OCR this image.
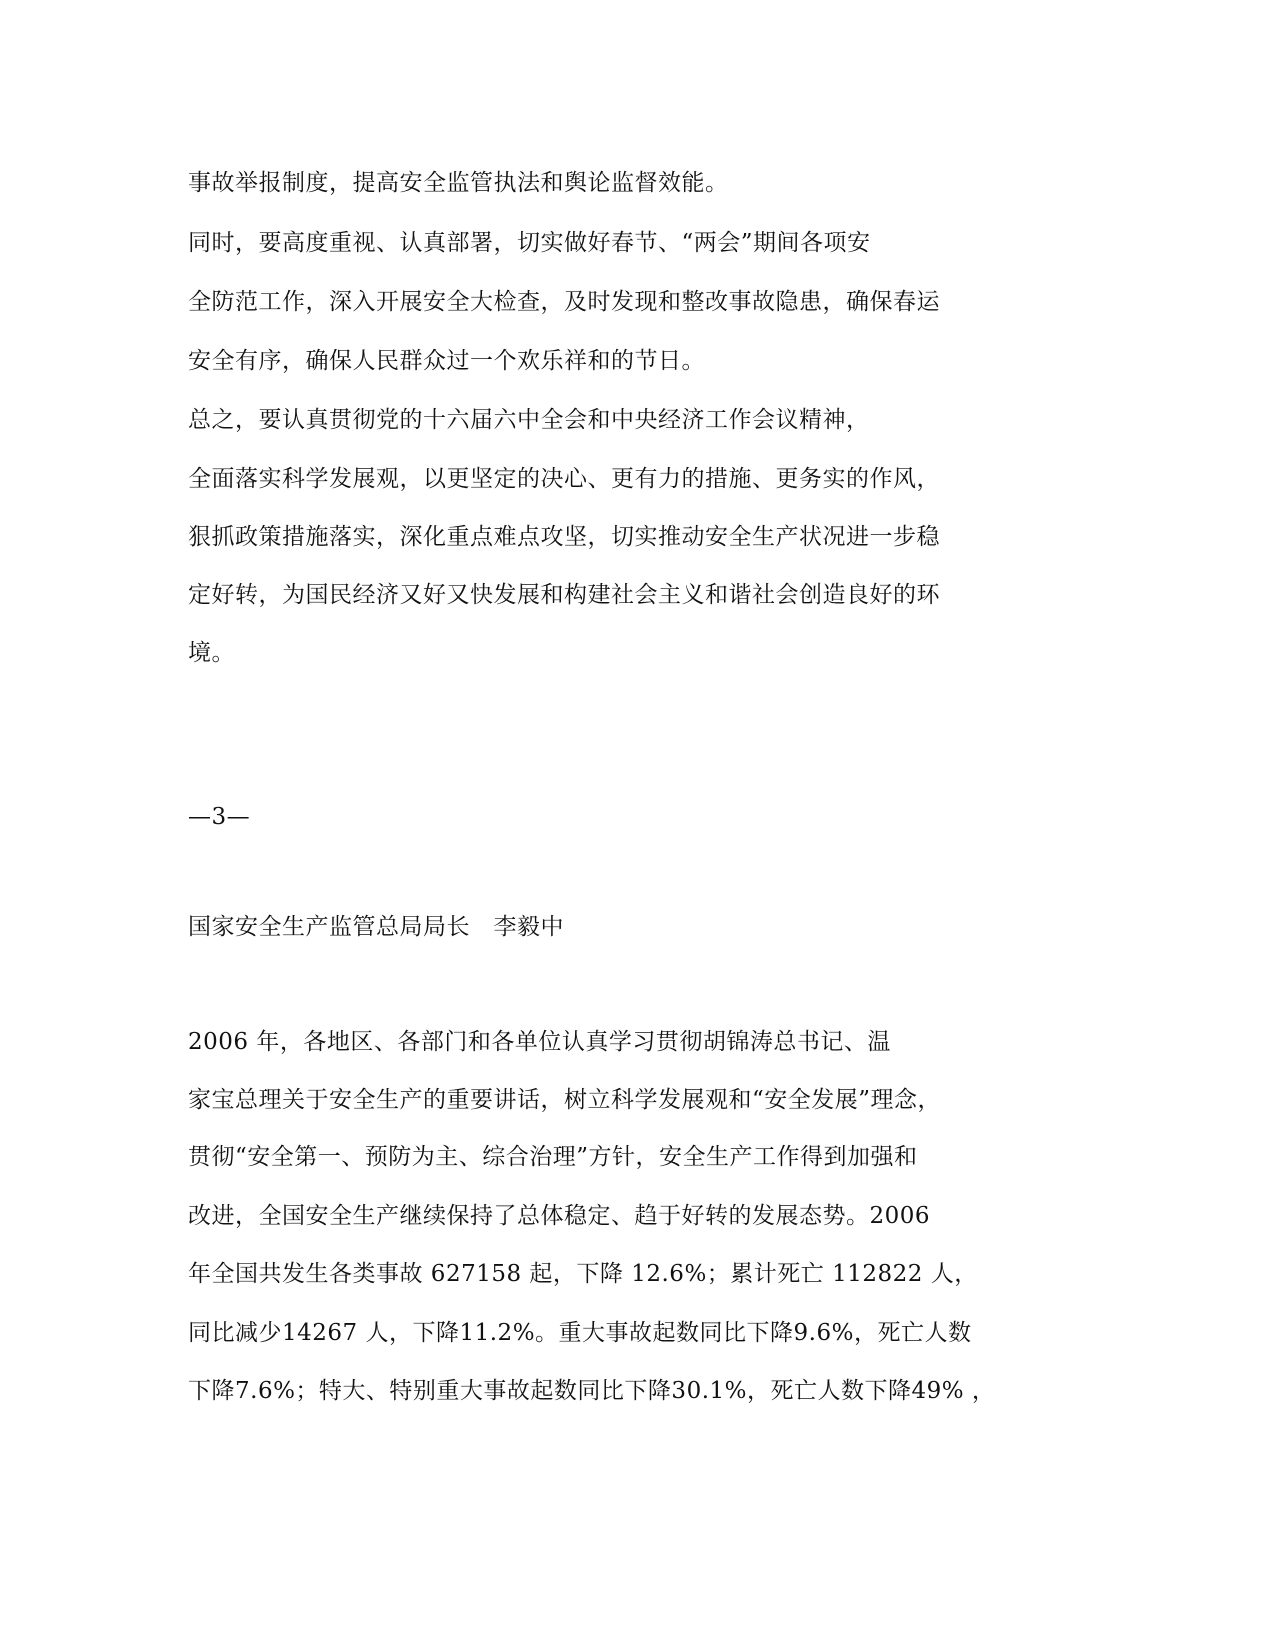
事故举报制度，提高安全监管执法和舆论监督效能。
同时，要高度重视、认真部署，切实做好春节、“两会”期间各项安
全防范工作，深入开展安全大检查，及时发现和整改事故隐患，确保春运
安全有序，确保人民群众过一个欢乐祥和的节日。
总之，要认真贯彻党的十六届六中全会和中央经济工作会议精神，
全面落实科学发展观，以更坚定的决心、更有力的措施、更务实的作风，
狠抓政策措施落实，深化重点难点攻坚，切实推动安全生产状况进一步稳
定好转，为国民经济又好又快发展和构建社会主义和谐社会创造良好的环
境。
—3—
国家安全生产监管总局局长　李毅中
2006 年，各地区、各部门和各单位认真学习贯彻胡锦涛总书记、温
家宝总理关于安全生产的重要讲话，树立科学发展观和“安全发展”理念，
贯彻“安全第一、预防为主、综合治理”方针，安全生产工作得到加强和
改进，全国安全生产继续保持了总体稳定、趋于好转的发展态势。2006
年全国共发生各类事故 627158 起，下降 12.6%；累计死亡 112822 人，
同比减少14267 人，下降11.2%。重大事故起数同比下降9.6%，死亡人数
下降7.6%；特大、特别重大事故起数同比下降30.1%，死亡人数下降49% ，
